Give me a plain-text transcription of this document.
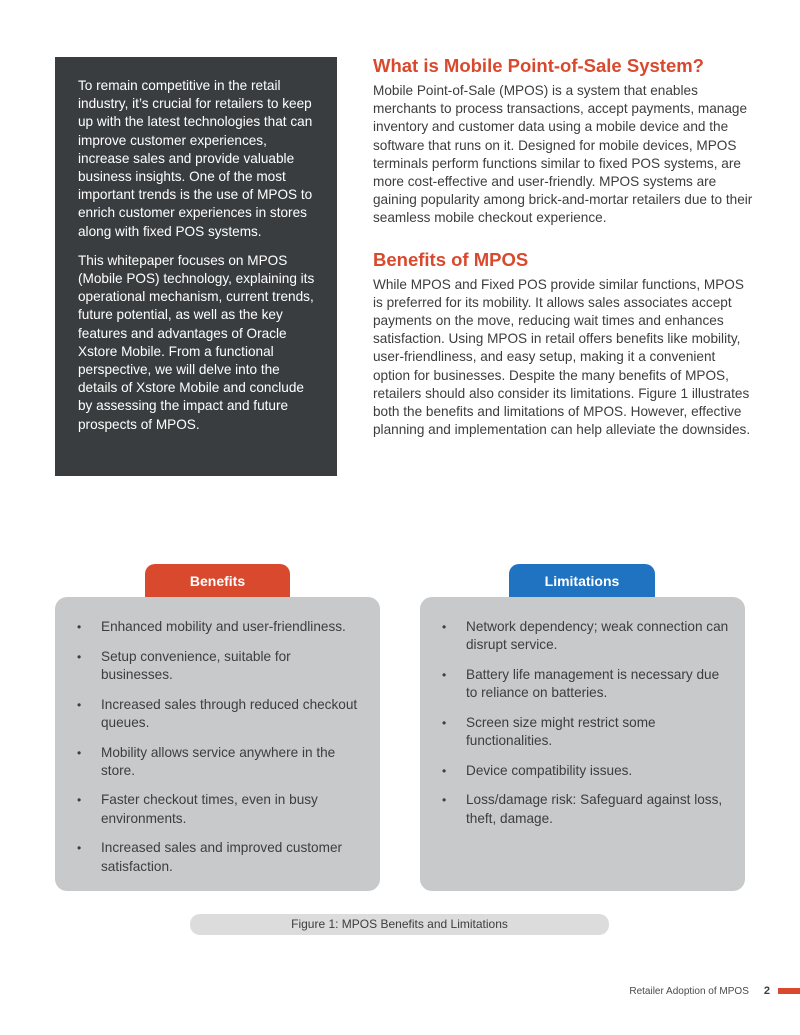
To remain competitive in the retail industry, it’s crucial for retailers to keep up with the latest technologies that can improve customer experiences, increase sales and provide valuable business insights. One of the most important trends is the use of MPOS to enrich customer experiences in stores along with fixed POS systems.

This whitepaper focuses on MPOS (Mobile POS) technology, explaining its operational mechanism, current trends, future potential, as well as the key features and advantages of Oracle Xstore Mobile. From a functional perspective, we will delve into the details of Xstore Mobile and conclude by assessing the impact and future prospects of MPOS.

What is Mobile Point-of-Sale System?

Mobile Point-of-Sale (MPOS) is a system that enables merchants to process transactions, accept payments, manage inventory and customer data using a mobile device and the software that runs on it. Designed for mobile devices, MPOS terminals perform functions similar to fixed POS systems, are more cost-effective and user-friendly. MPOS systems are gaining popularity among brick-and-mortar retailers due to their seamless mobile checkout experience.

Benefits of MPOS

While MPOS and Fixed POS provide similar functions, MPOS is preferred for its mobility. It allows sales associates accept payments on the move, reducing wait times and enhances satisfaction. Using MPOS in retail offers benefits like mobility, user-friendliness, and easy setup, making it a convenient option for businesses. Despite the many benefits of MPOS, retailers should also consider its limitations. Figure 1 illustrates both the benefits and limitations of MPOS. However, effective planning and implementation can help alleviate the downsides.

Benefits
• Enhanced mobility and user-friendliness.
• Setup convenience, suitable for businesses.
• Increased sales through reduced checkout queues.
• Mobility allows service anywhere in the store.
• Faster checkout times, even in busy environments.
• Increased sales and improved customer satisfaction.
Limitations
• Network dependency; weak connection can disrupt service.
• Battery life management is necessary due to reliance on batteries.
• Screen size might restrict some functionalities.
• Device compatibility issues.
• Loss/damage risk: Safeguard against loss, theft, damage.
Figure 1: MPOS Benefits and Limitations
Retailer Adoption of MPOS 2
